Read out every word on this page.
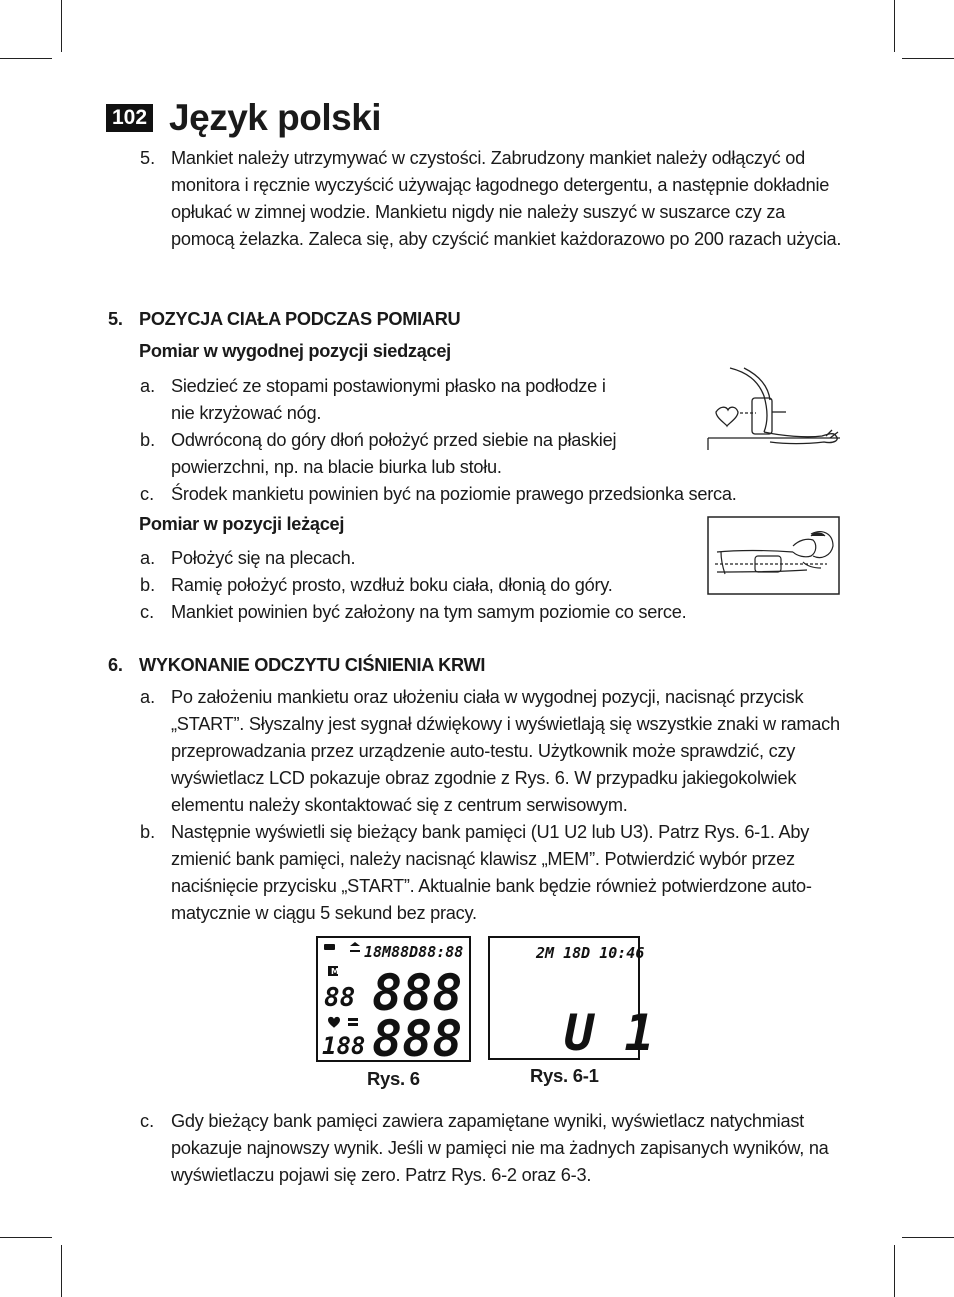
102 Język polski
5. Mankiet należy utrzymywać w czystości. Zabrudzony mankiet należy odłączyć od monitora i ręcznie wyczyścić używając łagodnego detergentu, a następnie dokładnie opłukać w zimnej wodzie. Mankietu nigdy nie należy suszyć w suszarce czy za pomocą żelazka. Zaleca się, aby czyścić mankiet każdorazowo po 200 razach użycia.
5. POZYCJA CIAŁA PODCZAS POMIARU
Pomiar w wygodnej pozycji siedzącej
a. Siedzieć ze stopami postawionymi płasko na podłodze i nie krzyżować nóg.
b. Odwróconą do góry dłoń położyć przed siebie na płaskiej powierzchni, np. na blacie biurka lub stołu.
c. Środek mankietu powinien być na poziomie prawego przedsionka serca.
Pomiar w pozycji leżącej
a. Położyć się na plecach.
b. Ramię położyć prosto, wzdłuż boku ciała, dłonią do góry.
c. Mankiet powinien być założony na tym samym poziomie co serce.
6. WYKONANIE ODCZYTU CIŚNIENIA KRWI
a. Po założeniu mankietu oraz ułożeniu ciała w wygodnej pozycji, nacisnąć przycisk „START”. Słyszalny jest sygnał dźwiękowy i wyświetlają się wszystkie znaki w ramach przeprowadzania przez urządzenie auto-testu. Użytkownik może sprawdzić, czy wyświetlacz LCD pokazuje obraz zgodnie z Rys. 6. W przypadku jakiegokolwiek elementu należy skontaktować się z centrum serwisowym.
b. Następnie wyświetli się bieżący bank pamięci (U1 U2 lub U3). Patrz Rys. 6-1. Aby zmienić bank pamięci, należy nacisnąć klawisz „MEM”. Potwierdzić wybór przez naciśnięcie przycisku „START”. Aktualnie bank będzie również potwierdzone auto-matycznie w ciągu 5 sekund bez pracy.
18M88D88:88
M
88
188
888
888
Rys. 6
2M 18D 10:46
U 1
Rys. 6-1
c. Gdy bieżący bank pamięci zawiera zapamiętane wyniki, wyświetlacz natychmiast pokazuje najnowszy wynik. Jeśli w pamięci nie ma żadnych zapisanych wyników, na wyświetlaczu pojawi się zero. Patrz Rys. 6-2 oraz 6-3.
